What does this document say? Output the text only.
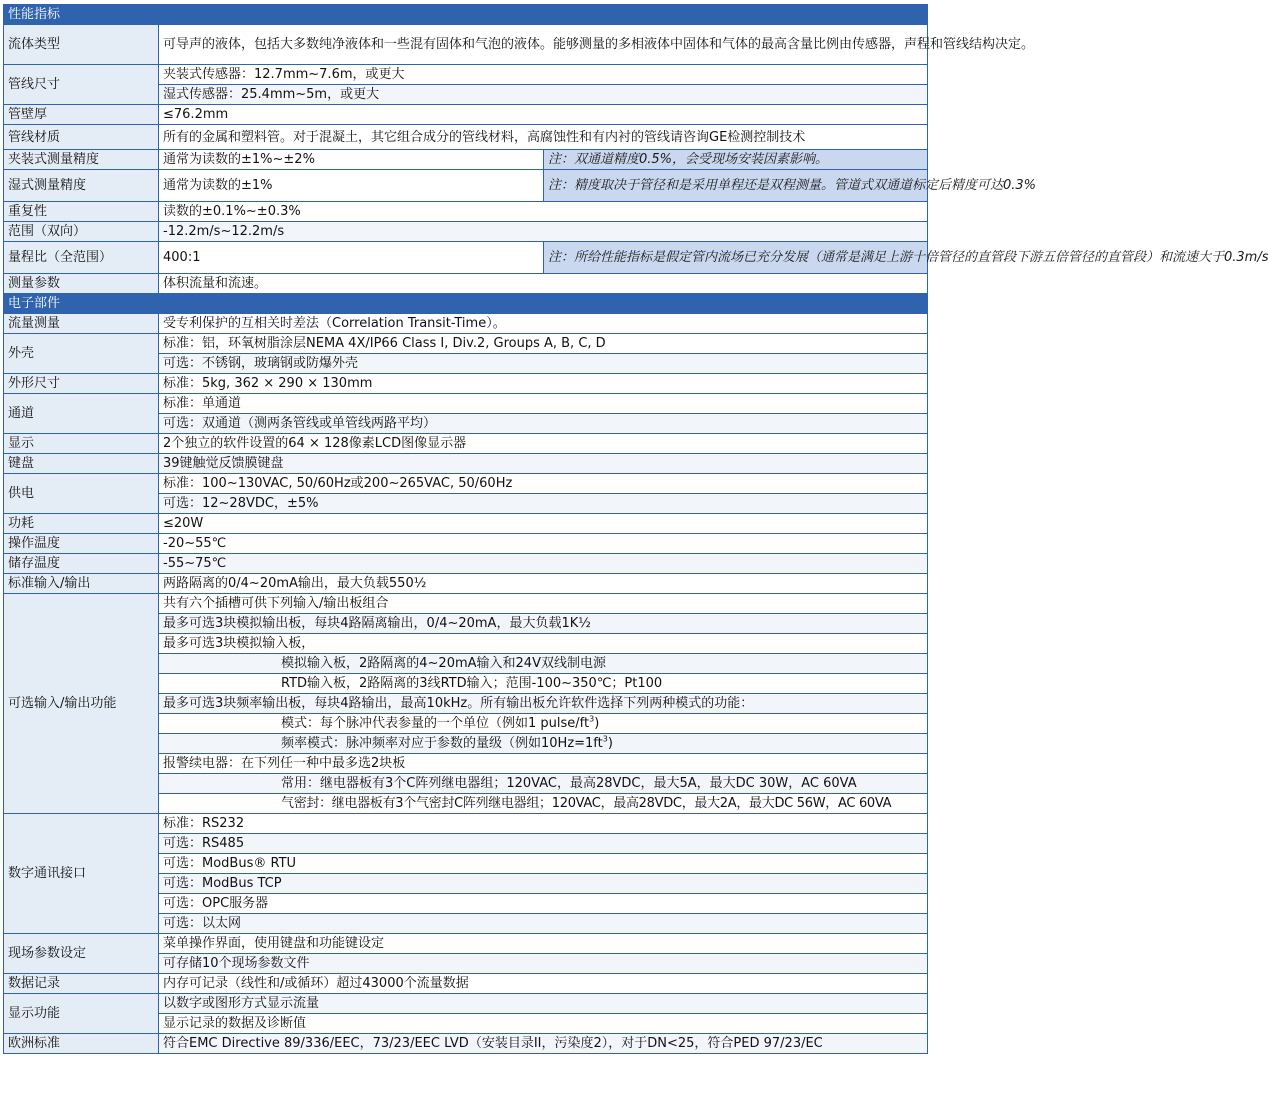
性能指标		
流体类型	可导声的液体，包括大多数纯净液体和一些混有固体和气泡的液体。能够测量的多相液体中固体和气体的最高含量比例由传感器，声程和管线结构决定。	
管线尺寸	夹装式传感器：12.7mm~7.6m，或更大	
	湿式传感器：25.4mm~5m，或更大	
管壁厚	≤76.2mm	
管线材质	所有的金属和塑料管。对于混凝土，其它组合成分的管线材料，高腐蚀性和有内衬的管线请咨询GE检测控制技术	
夹装式测量精度	通常为读数的±1%~±2%	注：双通道精度0.5%，会受现场安装因素影响。
湿式测量精度	通常为读数的±1%	注：精度取决于管径和是采用单程还是双程测量。管道式双通道标定后精度可达0.3%
重复性	读数的±0.1%~±0.3%	
范围（双向）	-12.2m/s~12.2m/s	
量程比（全范围）	400:1	注：所给性能指标是假定管内流场已充分发展（通常是满足上游十倍管径的直管段下游五倍管径的直管段）和流速大于0.3m/s
测量参数	体积流量和流速。	
电子部件		
流量测量	受专利保护的互相关时差法（Correlation Transit-Time）。	
外壳	标准：铝，环氧树脂涂层NEMA 4X/IP66 Class I, Div.2, Groups A, B, C, D	
	可选：不锈钢，玻璃钢或防爆外壳	
外形尺寸	标准：5kg, 362 × 290 × 130mm	
通道	标准：单通道	
	可选：双通道（测两条管线或单管线两路平均）	
显示	2个独立的软件设置的64 × 128像素LCD图像显示器	
键盘	39键触觉反馈膜键盘	
供电	标准：100~130VAC, 50/60Hz或200~265VAC, 50/60Hz	
	可选：12~28VDC，±5%	
功耗	≤20W	
操作温度	-20~55℃	
储存温度	-55~75℃	
标准输入/输出	两路隔离的0/4~20mA输出，最大负载550½	
可选输入/输出功能	共有六个插槽可供下列输入/输出板组合	
	最多可选3块模拟输出板，每块4路隔离输出，0/4~20mA，最大负载1K½	
	最多可选3块模拟输入板，	
	模拟输入板，2路隔离的4~20mA输入和24V双线制电源	
	RTD输入板，2路隔离的3线RTD输入；范围-100~350℃；Pt100	
	最多可选3块频率输出板，每块4路输出，最高10kHz。所有输出板允许软件选择下列两种模式的功能：	
	模式：每个脉冲代表参量的一个单位（例如1 pulse/$ft^3$)	
	频率模式：脉冲频率对应于参数的量级（例如$10Hz=1ft^3$)	
	报警续电器：在下列任一种中最多选2块板	
	常用：继电器板有3个C阵列继电器组；120VAC，最高28VDC，最大5A，最大DC 30W，AC 60VA	
	气密封：继电器板有3个气密封C阵列继电器组；120VAC，最高28VDC，最大2A，最大DC 56W，AC 60VA	
数字通讯接口	标准：RS232	
	可选：RS485	
	可选：ModBus® RTU	
	可选：ModBus TCP	
	可选：OPC服务器	
	可选：以太网	
现场参数设定	菜单操作界面，使用键盘和功能键设定	
	可存储10个现场参数文件	
数据记录	内存可记录（线性和/或循环）超过43000个流量数据	
显示功能	以数字或图形方式显示流量	
	显示记录的数据及诊断值	
欧洲标准	符合EMC Directive 89/336/EEC，73/23/EEC LVD（安装目录II，污染度2），对于DN<25，符合PED 97/23/EC	
